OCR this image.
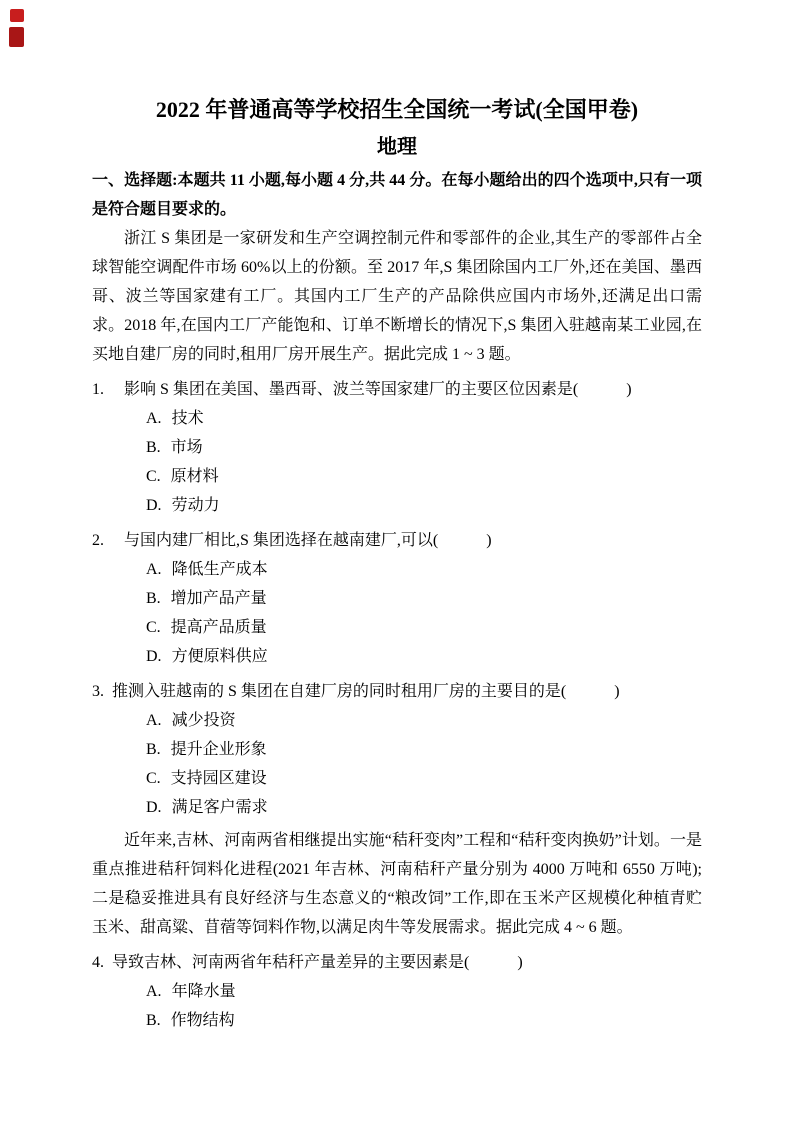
2022 年普通高等学校招生全国统一考试(全国甲卷)
地理
一、选择题:本题共 11 小题,每小题 4 分,共 44 分。在每小题给出的四个选项中,只有一项是符合题目要求的。
浙江 S 集团是一家研发和生产空调控制元件和零部件的企业,其生产的零部件占全球智能空调配件市场 60%以上的份额。至 2017 年,S 集团除国内工厂外,还在美国、墨西哥、波兰等国家建有工厂。其国内工厂生产的产品除供应国内市场外,还满足出口需求。2018 年,在国内工厂产能饱和、订单不断增长的情况下,S 集团入驻越南某工业园,在买地自建厂房的同时,租用厂房开展生产。据此完成 1 ~ 3 题。
1. 影响 S 集团在美国、墨西哥、波兰等国家建厂的主要区位因素是(　　　)
A. 技术
B. 市场
C. 原材料
D. 劳动力
2. 与国内建厂相比,S 集团选择在越南建厂,可以(　　　)
A. 降低生产成本
B. 增加产品产量
C. 提高产品质量
D. 方便原料供应
3. 推测入驻越南的 S 集团在自建厂房的同时租用厂房的主要目的是(　　　)
A. 减少投资
B. 提升企业形象
C. 支持园区建设
D. 满足客户需求
近年来,吉林、河南两省相继提出实施“秸秆变肉”工程和“秸秆变肉换奶”计划。一是重点推进秸秆饲料化进程(2021 年吉林、河南秸秆产量分别为 4000 万吨和 6550 万吨);二是稳妥推进具有良好经济与生态意义的“粮改饲”工作,即在玉米产区规模化种植青贮玉米、甜高粱、苜蓿等饲料作物,以满足肉牛等发展需求。据此完成 4 ~ 6 题。
4. 导致吉林、河南两省年秸秆产量差异的主要因素是(　　　)
A. 年降水量
B. 作物结构
